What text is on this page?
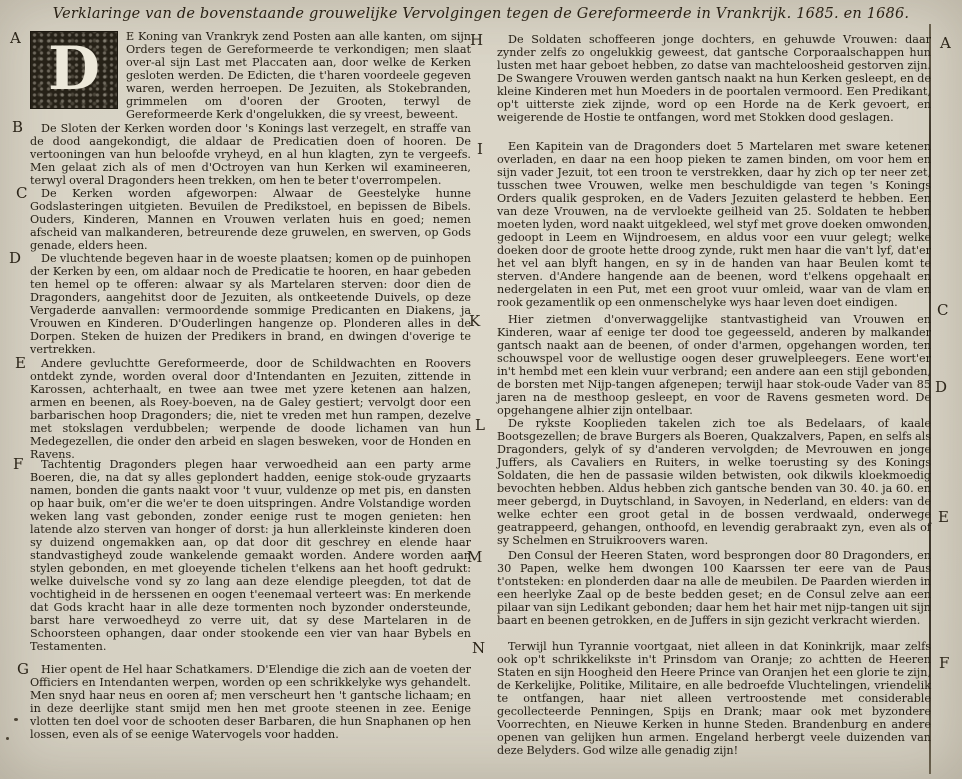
Verklaringe van de bovenstaande grouwelijke Vervolgingen tegen de Gereformeerde in Vrankrijk. 1685. en 1686.
A
B
C
D
E
F
G
H
I
K
L
M
N
A
C
D
E
F

D	E Koning van Vrankryk zend Posten aan alle kanten, om sijn Orders tegen de Gereformeerde te verkondigen; men slaat over-al sijn Last met Placcaten aan, door welke de Kerken gesloten werden. De Edicten, die t'haren voordeele gegeven waren, werden herroepen. De Jezuiten, als Stokebranden, grimmelen om d'ooren der Grooten, terwyl de Gereformeerde Kerk d'ongelukken, die sy vreest, beweent.

De Sloten der Kerken worden door 's Konings last verzegelt, en straffe van de dood aangekondigt, die aldaar de Predicatien doen of hooren. De vertooningen van hun beloofde vryheyd, en al hun klagten, zyn te vergeefs. Men gelaat zich als of men d'Octroyen van hun Kerken wil examineeren, terwyl overal Dragonders heen trekken, om hen te beter t'overrompelen.

De Kerken worden afgeworpen: Alwaar de Geestelyke hunne Godslasteringen uitgieten. Bevuilen de Predikstoel, en bepissen de Bibels. Ouders, Kinderen, Mannen en Vrouwen verlaten huis en goed; nemen afscheid van malkanderen, betreurende deze gruwelen, en swerven, op Gods genade, elders heen.

De vluchtende begeven haar in de woeste plaatsen; komen op de puinhopen der Kerken by een, om aldaar noch de Predicatie te hooren, en haar gebeden ten hemel op te offeren: alwaar sy als Martelaren sterven: door dien de Dragonders, aangehitst door de Jezuiten, als ontkeetende Duivels, op deze Vergaderde aanvallen: vermoordende sommige Predicanten en Diakens, ja Vrouwen en Kinderen. D'Ouderlingen hangenze op. Plonderen alles in de Dorpen. Steken de huizen der Predikers in brand, en dwingen d'overige te vertrekken.

Andere gevluchtte Gereformeerde, door de Schildwachten en Roovers ontdekt zynde, worden overal door d'Intendanten en Jezuiten, zittende in Karossen, achterhaalt, en twee aan twee met yzere ketenen aan halzen, armen en beenen, als Roey-boeven, na de Galey gestiert; vervolgt door een barbarischen hoop Dragonders; die, niet te vreden met hun rampen, dezelve met stokslagen verdubbelen; werpende de doode lichamen van hun Medegezellen, die onder den arbeid en slagen besweken, voor de Honden en Ravens.

Tachtentig Dragonders plegen haar verwoedheid aan een party arme Boeren, die, na dat sy alles geplondert hadden, eenige stok-oude gryzaarts namen, bonden die gants naakt voor 't vuur, vuldenze op met pis, en dansten op haar buik, om'er die we'er te doen uitspringen. Andre Volstandige worden weken lang vast gebonden, zonder eenige rust te mogen genieten: hen latende alzo sterven van honger of dorst: ja hun allerkleinste kinderen doen sy duizend ongemakken aan, op dat door dit geschrey en elende haar standvastigheyd zoude wankelende gemaakt worden. Andere worden aan stylen gebonden, en met gloeyende tichelen t'elkens aan het hooft gedrukt: welke duivelsche vond sy zo lang aan deze elendige pleegden, tot dat de vochtigheid in de herssenen en oogen t'eenemaal verteert was: En merkende dat Gods kracht haar in alle deze tormenten noch byzonder ondersteunde, barst hare verwoedheyd zo verre uit, dat sy dese Martelaren in de Schoorsteen ophangen, daar onder stookende een vier van haar Bybels en Testamenten.

Hier opent de Hel haar Schatkamers. D'Elendige die zich aan de voeten der Officiers en Intendanten werpen, worden op een schrikkelyke wys gehandelt. Men snyd haar neus en ooren af; men verscheurt hen 't gantsche lichaam; en in deze deerlijke stant smijd men hen met groote steenen in zee. Eenige vlotten ten doel voor de schooten deser Barbaren, die hun Snaphanen op hen lossen, even als of se eenige Watervogels voor hadden.

De Soldaten schoffeeren jonge dochters, en gehuwde Vrouwen: daar zynder zelfs zo ongelukkig geweest, dat gantsche Corporaalschappen hun lusten met haar geboet hebben, zo datse van machteloosheid gestorven zijn. De Swangere Vrouwen werden gantsch naakt na hun Kerken gesleept, en de kleine Kinderen met hun Moeders in de poortalen vermoord. Een Predikant, op't uitterste ziek zijnde, word op een Horde na de Kerk gevoert, en weigerende de Hostie te ontfangen, word met Stokken dood geslagen.

Een Kapitein van de Dragonders doet 5 Martelaren met sware ketenen overladen, en daar na een hoop pieken te zamen binden, om voor hem en sijn vader Jezuit, tot een troon te verstrekken, daar hy zich op ter neer zet, tusschen twee Vrouwen, welke men beschuldigde van tegen 's Konings Orders qualik gesproken, en de Vaders Jezuiten gelasterd te hebben. Een van deze Vrouwen, na de vervloekte geilheid van 25. Soldaten te hebben moeten lyden, word naakt uitgekleed, wel styf met grove doeken omwonden, gedoopt in Leem en Wijndroesem, en aldus voor een vuur gelegt; welke doeken door de groote hette droog zynde, rukt men haar die van't lyf, dat'er het vel aan blyft hangen, en sy in de handen van haar Beulen komt te sterven. d'Andere hangende aan de beenen, word t'elkens opgehaalt en nedergelaten in een Put, met een groot vuur omleid, waar van de vlam en rook gezamentlik op een onmenschelyke wys haar leven doet eindigen.

Hier zietmen d'onverwaggelijke stantvastigheid van Vrouwen en Kinderen, waar af eenige ter dood toe gegeesseld, anderen by malkander gantsch naakt aan de beenen, of onder d'armen, opgehangen worden, ten schouwspel voor de wellustige oogen deser gruwelpleegers. Eene wort'er in't hembd met een klein vuur verbrand; een andere aan een stijl gebonden, de borsten met Nijp-tangen afgenepen; terwijl haar stok-oude Vader van 85 jaren na de mesthoop gesleept, en voor de Ravens gesmeten word. De opgehangene alhier zijn ontelbaar.

De rykste Kooplieden takelen zich toe als Bedelaars, of kaale Bootsgezellen; de brave Burgers als Boeren, Quakzalvers, Papen, en selfs als Dragonders, gelyk of sy d'anderen vervolgden; de Mevrouwen en jonge Juffers, als Cavaliers en Ruiters, in welke toerusting sy des Konings Soldaten, die hen de passasie wilden betwisten, ook dikwils kloekmoedig bevochten hebben. Aldus hebben zich gantsche benden van 30. 40. ja 60. en meer gebergd, in Duytschland, in Savoyen, in Nederland, en elders: van de welke echter een groot getal in de bossen verdwaald, onderwege geatrappeerd, gehangen, onthoofd, en levendig gerabraakt zyn, even als of sy Schelmen en Struikroovers waren.

Den Consul der Heeren Staten, word besprongen door 80 Dragonders, en 30 Papen, welke hem dwongen 100 Kaarssen ter eere van de Paus t'ontsteken: en plonderden daar na alle de meubilen. De Paarden wierden in een heerlyke Zaal op de beste bedden geset; en de Consul zelve aan een pilaar van sijn Ledikant gebonden; daar hem het hair met nijp-tangen uit sijn baart en beenen getrokken, en de Juffers in sijn gezicht verkracht wierden.

Terwijl hun Tyrannie voortgaat, niet alleen in dat Koninkrijk, maar zelfs ook op't schrikkelikste in't Prinsdom van Oranje; zo achtten de Heeren Staten en sijn Hoogheid den Heere Prince van Oranjen het een glorie te zijn, de Kerkelijke, Politike, Militaire, en alle bedroefde Vluchtelingen, vriendelik te ontfangen, haar niet alleen vertroostende met considerable gecollecteerde Penningen, Spijs en Drank; maar ook met byzondere Voorrechten, en Nieuwe Kerken in hunne Steden. Brandenburg en andere openen van gelijken hun armen. Engeland herbergt veele duizenden van deze Belyders. God wilze alle genadig zijn!
